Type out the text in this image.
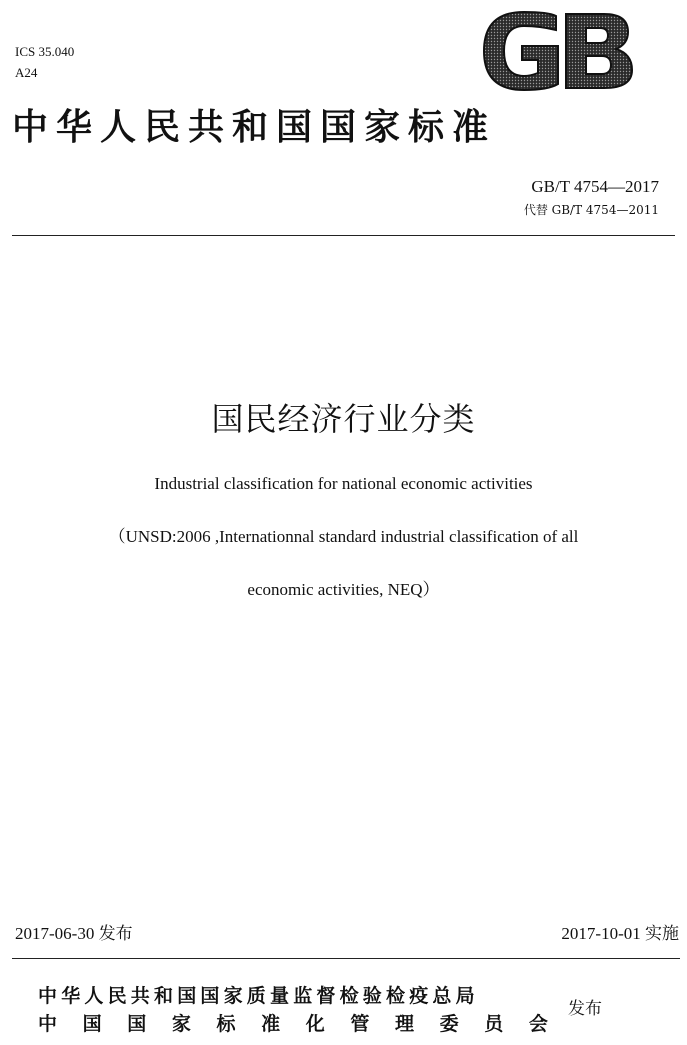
ICS 35.040
A24
中华人民共和国国家标准
GB/T 4754—2017
代替 GB/T 4754—2011
国民经济行业分类
Industrial classification for national economic activities
（UNSD:2006 ,Internationnal standard industrial classification of all
economic activities, NEQ）
2017-06-30 发布	2017-10-01 实施
中华人民共和国国家质量监督检验检疫总局
中 国 国 家 标 准 化 管 理 委 员 会
发布
